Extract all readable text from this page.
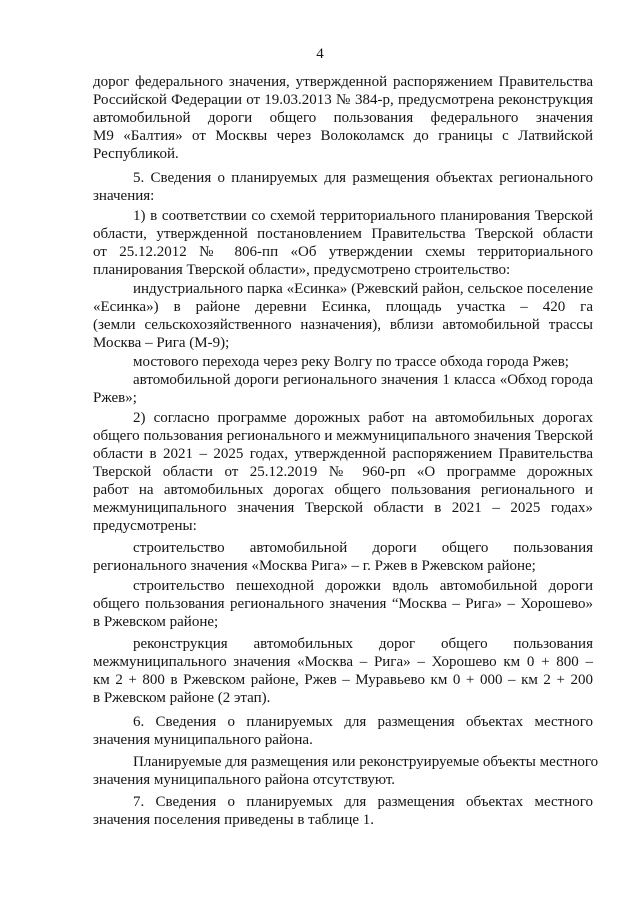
4
дорог федерального значения, утвержденной распоряжением Правительства
Российской Федерации от 19.03.2013 № 384-р, предусмотрена реконструкция
автомобильной дороги общего пользования федерального значения
М9 «Балтия» от Москвы через Волоколамск до границы с Латвийской
Республикой.
5. Сведения о планируемых для размещения объектах регионального
значения:
1) в соответствии со схемой территориального планирования Тверской
области, утвержденной постановлением Правительства Тверской области
от 25.12.2012 № 806-пп «Об утверждении схемы территориального
планирования Тверской области», предусмотрено строительство:
индустриального парка «Есинка» (Ржевский район, сельское поселение
«Есинка») в районе деревни Есинка, площадь участка – 420 га
(земли сельскохозяйственного назначения), вблизи автомобильной трассы
Москва – Рига (М-9);
мостового перехода через реку Волгу по трассе обхода города Ржев;
автомобильной дороги регионального значения 1 класса «Обход города
Ржев»;
2) согласно программе дорожных работ на автомобильных дорогах
общего пользования регионального и межмуниципального значения Тверской
области в 2021 – 2025 годах, утвержденной распоряжением Правительства
Тверской области от 25.12.2019 № 960-рп «О программе дорожных
работ на автомобильных дорогах общего пользования регионального и
межмуниципального значения Тверской области в 2021 – 2025 годах»
предусмотрены:
строительство автомобильной дороги общего пользования
регионального значения «Москва Рига» – г. Ржев в Ржевском районе;
строительство пешеходной дорожки вдоль автомобильной дороги
общего пользования регионального значения “Москва – Рига» – Хорошево»
в Ржевском районе;
реконструкция автомобильных дорог общего пользования
межмуниципального значения «Москва – Рига» – Хорошево км 0 + 800 –
км 2 + 800 в Ржевском районе, Ржев – Муравьево км 0 + 000 – км 2 + 200
в Ржевском районе (2 этап).
6. Сведения о планируемых для размещения объектах местного
значения муниципального района.
Планируемые для размещения или реконструируемые объекты местного
значения муниципального района отсутствуют.
7. Сведения о планируемых для размещения объектах местного
значения поселения приведены в таблице 1.
